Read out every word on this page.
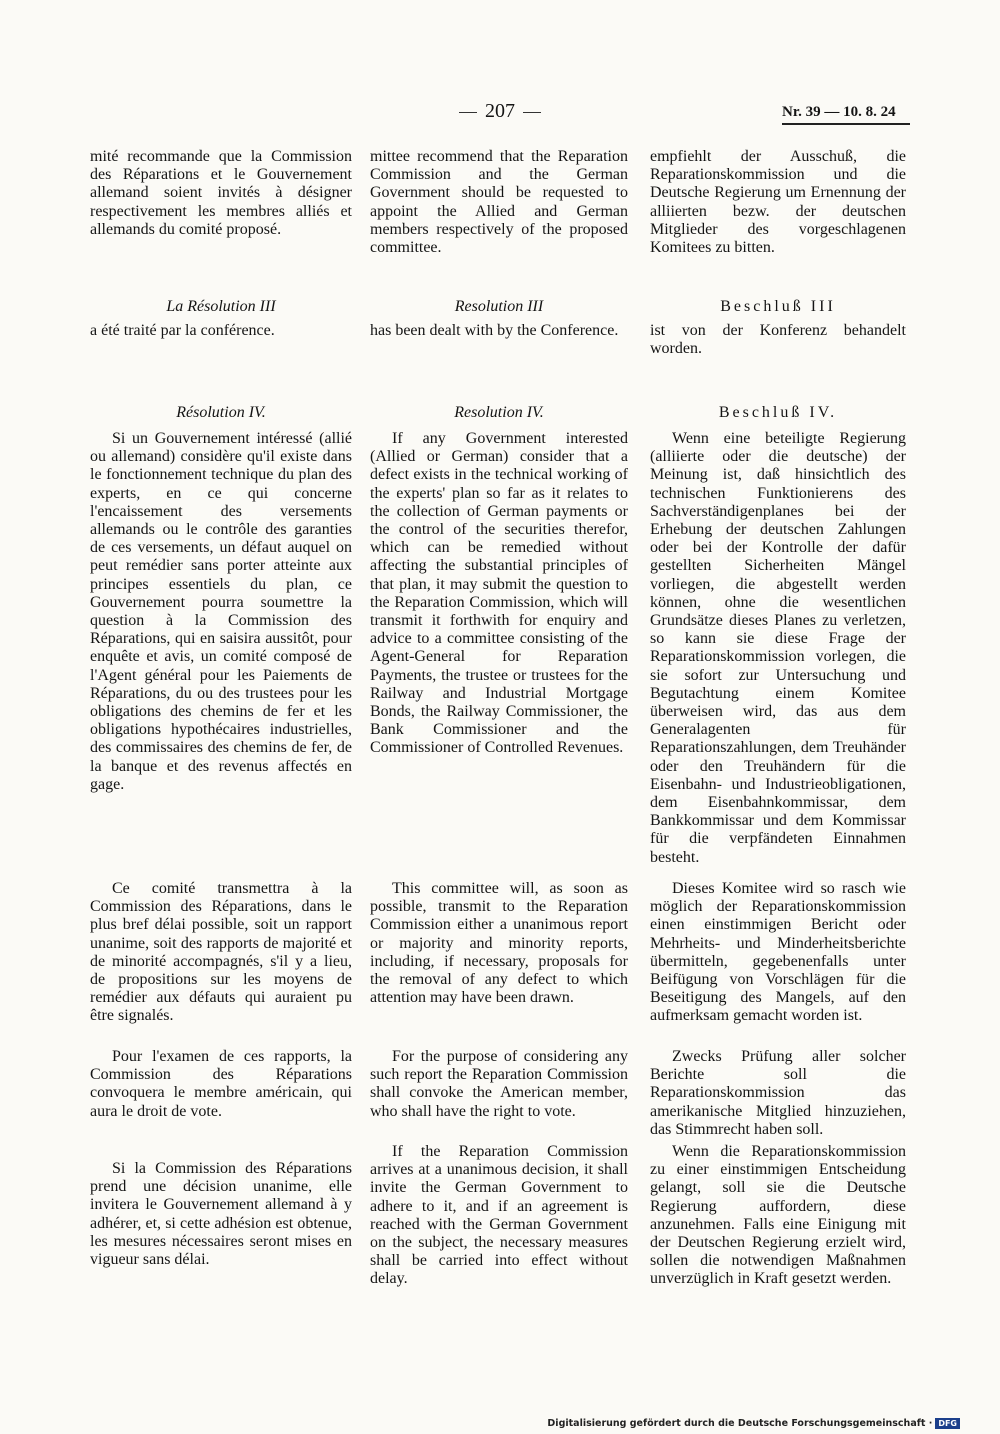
207	Nr. 39 — 10. 8. 24

mité recommande que la Commission des Réparations et le Gouvernement allemand soient invités à désigner respectivement les membres alliés et allemands du comité proposé.

La Résolution III

a été traité par la conférence.

Résolution IV.

Si un Gouvernement intéressé (allié ou allemand) considère qu'il existe dans le fonctionnement technique du plan des experts, en ce qui concerne l'encaissement des versements allemands ou le contrôle des garanties de ces versements, un défaut auquel on peut remédier sans porter atteinte aux principes essentiels du plan, ce Gouvernement pourra soumettre la question à la Commission des Réparations, qui en saisira aussitôt, pour enquête et avis, un comité composé de l'Agent général pour les Paiements de Réparations, du ou des trustees pour les obligations des chemins de fer et les obligations hypothécaires industrielles, des commissaires des chemins de fer, de la banque et des revenus affectés en gage.

Ce comité transmettra à la Commission des Réparations, dans le plus bref délai possible, soit un rapport unanime, soit des rapports de majorité et de minorité accompagnés, s'il y a lieu, de propositions sur les moyens de remédier aux défauts qui auraient pu être signalés.

Pour l'examen de ces rapports, la Commission des Réparations convoquera le membre américain, qui aura le droit de vote.

Si la Commission des Réparations prend une décision unanime, elle invitera le Gouvernement allemand à y adhérer, et, si cette adhésion est obtenue, les mesures nécessaires seront mises en vigueur sans délai.

mittee recommend that the Reparation Commission and the German Government should be requested to appoint the Allied and German members respectively of the proposed committee.

Resolution III

has been dealt with by the Conference.

Resolution IV.

If any Government interested (Allied or German) consider that a defect exists in the technical working of the experts' plan so far as it relates to the collection of German payments or the control of the securities therefor, which can be remedied without affecting the substantial principles of that plan, it may submit the question to the Reparation Commission, which will transmit it forthwith for enquiry and advice to a committee consisting of the Agent-General for Reparation Payments, the trustee or trustees for the Railway and Industrial Mortgage Bonds, the Railway Commissioner, the Bank Commissioner and the Commissioner of Controlled Revenues.

This committee will, as soon as possible, transmit to the Reparation Commission either a unanimous report or majority and minority reports, including, if necessary, proposals for the removal of any defect to which attention may have been drawn.

For the purpose of considering any such report the Reparation Commission shall convoke the American member, who shall have the right to vote.

If the Reparation Commission arrives at a unanimous decision, it shall invite the German Government to adhere to it, and if an agreement is reached with the German Government on the subject, the necessary measures shall be carried into effect without delay.

empfiehlt der Ausschuß, die Reparationskommission und die Deutsche Regierung um Ernennung der alliierten bezw. der deutschen Mitglieder des vorgeschlagenen Komitees zu bitten.

Beschluß III

ist von der Konferenz behandelt worden.

Beschluß IV.

Wenn eine beteiligte Regierung (alliierte oder die deutsche) der Meinung ist, daß hinsichtlich des technischen Funktionierens des Sachverständigenplanes bei der Erhebung der deutschen Zahlungen oder bei der Kontrolle der dafür gestellten Sicherheiten Mängel vorliegen, die abgestellt werden können, ohne die wesentlichen Grundsätze dieses Planes zu verletzen, so kann sie diese Frage der Reparationskommission vorlegen, die sie sofort zur Untersuchung und Begutachtung einem Komitee überweisen wird, das aus dem Generalagenten für Reparationszahlungen, dem Treuhänder oder den Treuhändern für die Eisenbahn- und Industrieobligationen, dem Eisenbahnkommissar, dem Bankkommissar und dem Kommissar für die verpfändeten Einnahmen besteht.

Dieses Komitee wird so rasch wie möglich der Reparationskommission einen einstimmigen Bericht oder Mehrheits- und Minderheitsberichte übermitteln, gegebenenfalls unter Beifügung von Vorschlägen für die Beseitigung des Mangels, auf den aufmerksam gemacht worden ist.

Zwecks Prüfung aller solcher Berichte soll die Reparationskommission das amerikanische Mitglied hinzuziehen, das Stimmrecht haben soll.

Wenn die Reparationskommission zu einer einstimmigen Entscheidung gelangt, soll sie die Deutsche Regierung auffordern, diese anzunehmen. Falls eine Einigung mit der Deutschen Regierung erzielt wird, sollen die notwendigen Maßnahmen unverzüglich in Kraft gesetzt werden.

Digitalisierung gefördert durch die Deutsche Forschungsgemeinschaft · DFG
